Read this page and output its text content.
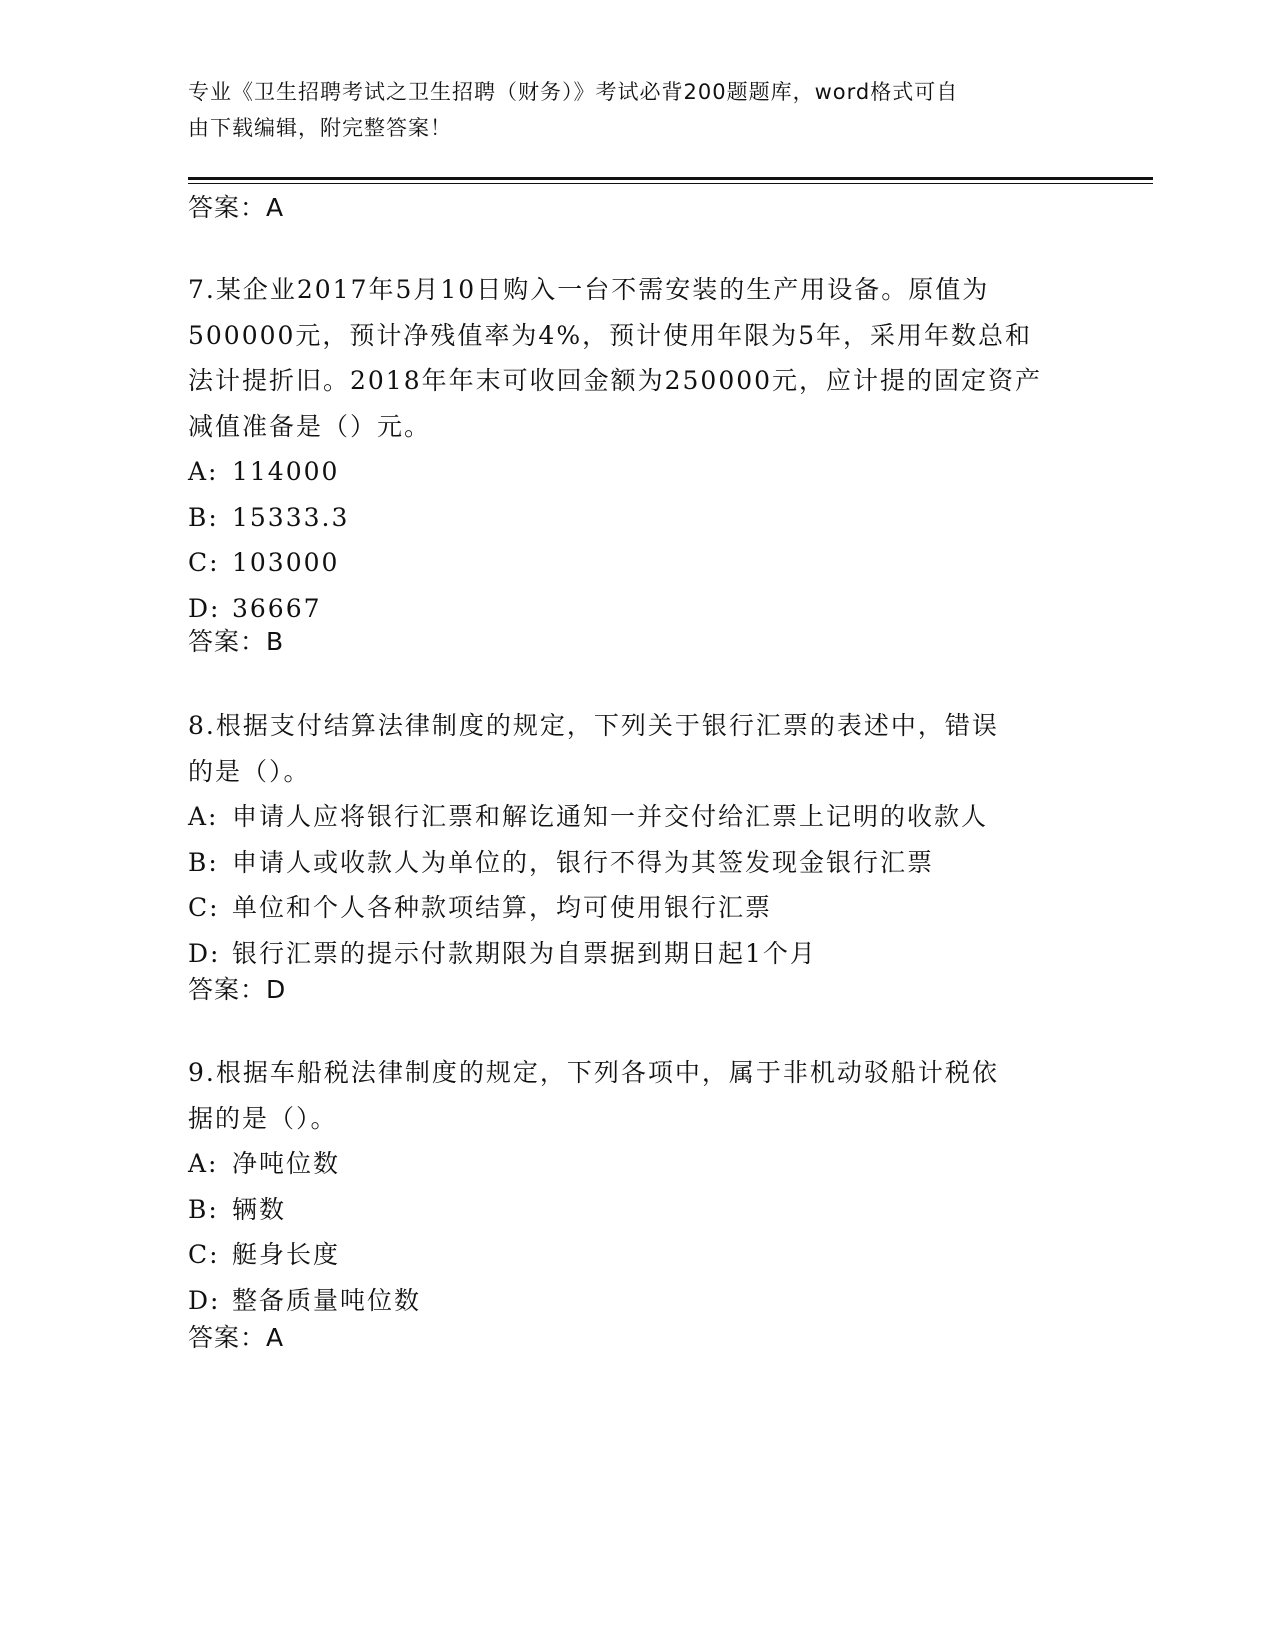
专业《卫生招聘考试之卫生招聘（财务）》考试必背200题题库，word格式可自
由下载编辑，附完整答案！
答案：A

7.某企业2017年5月10日购入一台不需安装的生产用设备。原值为

500000元，预计净残值率为4%，预计使用年限为5年，采用年数总和

法计提折旧。2018年年末可收回金额为250000元，应计提的固定资产

减值准备是（）元。

A: 114000

B: 15333.3

C: 103000

D: 36667

答案：B

8.根据支付结算法律制度的规定，下列关于银行汇票的表述中，错误

的是（）。

A: 申请人应将银行汇票和解讫通知一并交付给汇票上记明的收款人

B: 申请人或收款人为单位的，银行不得为其签发现金银行汇票

C: 单位和个人各种款项结算，均可使用银行汇票

D: 银行汇票的提示付款期限为自票据到期日起1个月

答案：D

9.根据车船税法律制度的规定，下列各项中，属于非机动驳船计税依

据的是（）。

A: 净吨位数

B: 辆数

C: 艇身长度

D: 整备质量吨位数

答案：A
